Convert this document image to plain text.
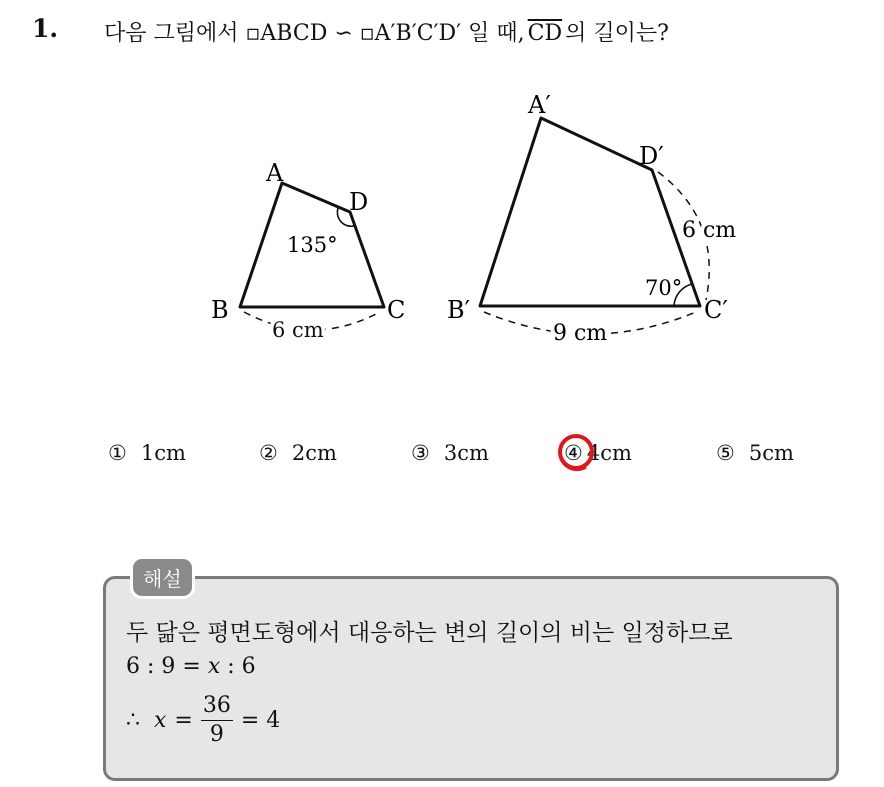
1. 다음 그림에서 ▫ABCD ∽ ▫A′B′C′D′ 일 때, $\overline{CD}$ 의 길이는?
A
B	C
D
135°
6 cm
A′
B′	C′
D′
70°
6 cm
9 cm
① 1cm	② 2cm	③ 3cm	④ 4cm	⑤ 5cm
해설
두 닮은 평면도형에서 대응하는 변의 길이의 비는 일정하므로
6 : 9 = x : 6
∴ $x = \frac{36}{9} = 4$
